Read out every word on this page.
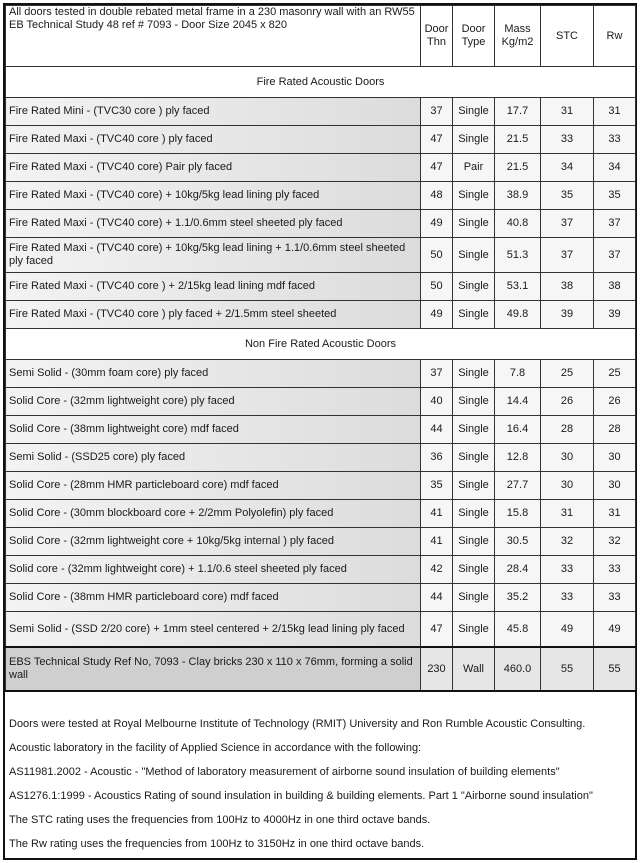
All doors tested in double rebated metal frame in a 230 masonry wall with an RW55 EB Technical Study 48 ref # 7093 - Door Size 2045 x 820	Door Thn	Door Type	Mass Kg/m2	STC	Rw
Fire Rated Acoustic Doors					
Fire Rated Mini - (TVC30 core ) ply faced	37	Single	17.7	31	31
Fire Rated Maxi - (TVC40 core ) ply faced	47	Single	21.5	33	33
Fire Rated Maxi - (TVC40 core) Pair ply faced	47	Pair	21.5	34	34
Fire Rated Maxi - (TVC40 core) + 10kg/5kg lead lining ply faced	48	Single	38.9	35	35
Fire Rated Maxi - (TVC40 core) + 1.1/0.6mm steel sheeted ply faced	49	Single	40.8	37	37
Fire Rated Maxi - (TVC40 core) + 10kg/5kg lead lining + 1.1/0.6mm steel sheeted ply faced	50	Single	51.3	37	37
Fire Rated Maxi - (TVC40 core ) + 2/15kg lead lining mdf faced	50	Single	53.1	38	38
Fire Rated Maxi - (TVC40 core ) ply faced + 2/1.5mm steel sheeted	49	Single	49.8	39	39
Non Fire Rated Acoustic Doors					
Semi Solid - (30mm foam core) ply faced	37	Single	7.8	25	25
Solid Core - (32mm lightweight core) ply faced	40	Single	14.4	26	26
Solid Core - (38mm lightweight core) mdf faced	44	Single	16.4	28	28
Semi Solid - (SSD25 core) ply faced	36	Single	12.8	30	30
Solid Core - (28mm HMR particleboard core) mdf faced	35	Single	27.7	30	30
Solid Core - (30mm blockboard core + 2/2mm Polyolefin) ply faced	41	Single	15.8	31	31
Solid Core - (32mm lightweight core + 10kg/5kg internal ) ply faced	41	Single	30.5	32	32
Solid core - (32mm lightweight core) + 1.1/0.6 steel sheeted ply faced	42	Single	28.4	33	33
Solid Core - (38mm HMR particleboard core) mdf faced	44	Single	35.2	33	33
Semi Solid - (SSD 2/20 core) + 1mm steel centered + 2/15kg lead lining ply faced	47	Single	45.8	49	49
EBS Technical Study Ref No, 7093 - Clay bricks 230 x 110 x 76mm, forming a solid wall	230	Wall	460.0	55	55

Doors were tested at Royal Melbourne Institute of Technology (RMIT) University and Ron Rumble Acoustic Consulting.

Acoustic laboratory in the facility of Applied Science in accordance with the following:

AS11981.2002 - Acoustic - "Method of laboratory measurement of airborne sound insulation of building elements"

AS1276.1:1999 - Acoustics Rating of sound insulation in building & building elements. Part 1 "Airborne sound insulation"

The STC rating uses the frequencies from 100Hz to 4000Hz in one third octave bands.

The Rw rating uses the frequencies from 100Hz to 3150Hz in one third octave bands.
